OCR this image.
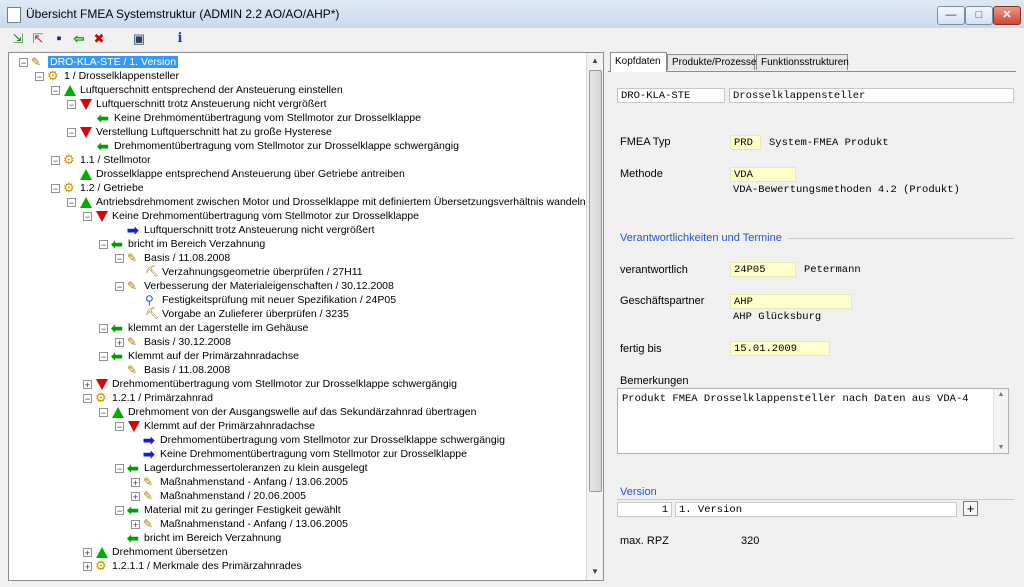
Übersicht FMEA Systemstruktur (ADMIN 2.2 AO/AO/AHP*)	—	□	✕
⇲ ⇱ ▪ ⇦ ✖ ▣	i
− ✎ DRO-KLA-STE / 1. Version
− ⚙ 1 / Drosselklappensteller
− Luftquerschnitt entsprechend der Ansteuerung einstellen
− Luftquerschnitt trotz Ansteuerung nicht vergrößert
⬅ Keine Drehmomentübertragung vom Stellmotor zur Drosselklappe
− Verstellung Luftquerschnitt hat zu große Hysterese
⬅ Drehmomentübertragung vom Stellmotor zur Drosselklappe schwergängig
− ⚙ 1.1 / Stellmotor
Drosselklappe entsprechend Ansteuerung über Getriebe antreiben
− ⚙ 1.2 / Getriebe
− Antriebsdrehmoment zwischen Motor und Drosselklappe mit definiertem Übersetzungsverhältnis wandeln
− Keine Drehmomentübertragung vom Stellmotor zur Drosselklappe
➡ Luftquerschnitt trotz Ansteuerung nicht vergrößert
− ⬅ bricht im Bereich Verzahnung
− ✎ Basis / 11.08.2008
⛏ Verzahnungsgeometrie überprüfen / 27H11
− ✎ Verbesserung der Materialeigenschaften / 30.12.2008
⚲ Festigkeitsprüfung mit neuer Spezifikation / 24P05
⛏ Vorgabe an Zulieferer überprüfen / 3235
− ⬅ klemmt an der Lagerstelle im Gehäuse
+ ✎ Basis / 30.12.2008
− ⬅ Klemmt auf der Primärzahnradachse
✎ Basis / 11.08.2008
+ Drehmomentübertragung vom Stellmotor zur Drosselklappe schwergängig
− ⚙ 1.2.1 / Primärzahnrad
− Drehmoment von der Ausgangswelle auf das Sekundärzahnrad übertragen
− Klemmt auf der Primärzahnradachse
➡ Drehmomentübertragung vom Stellmotor zur Drosselklappe schwergängig
➡ Keine Drehmomentübertragung vom Stellmotor zur Drosselklappe
− ⬅ Lagerdurchmessertoleranzen zu klein ausgelegt
+ ✎ Maßnahmenstand - Anfang / 13.06.2005
+ ✎ Maßnahmenstand / 20.06.2005
− ⬅ Material mit zu geringer Festigkeit gewählt
+ ✎ Maßnahmenstand - Anfang / 13.06.2005
⬅ bricht im Bereich Verzahnung
+ Drehmoment übersetzen
+ ⚙ 1.2.1.1 / Merkmale des Primärzahnrades
▲
▼
Kopfdaten	Produkte/Prozesse Funktionsstrukturen
DRO-KLA-STE	Drosselklappensteller
FMEA Typ	PRD	System-FMEA Produkt
Methode	VDA
VDA-Bewertungsmethoden 4.2 (Produkt)
Verantwortlichkeiten und Termine
verantwortlich	24P05	Petermann
Geschäftspartner	AHP
AHP Glücksburg
fertig bis	15.01.2009
Bemerkungen
Produkt FMEA Drosselklappensteller nach Daten aus VDA-4	▲
▼
Version
1	1. Version	+
max. RPZ	320
